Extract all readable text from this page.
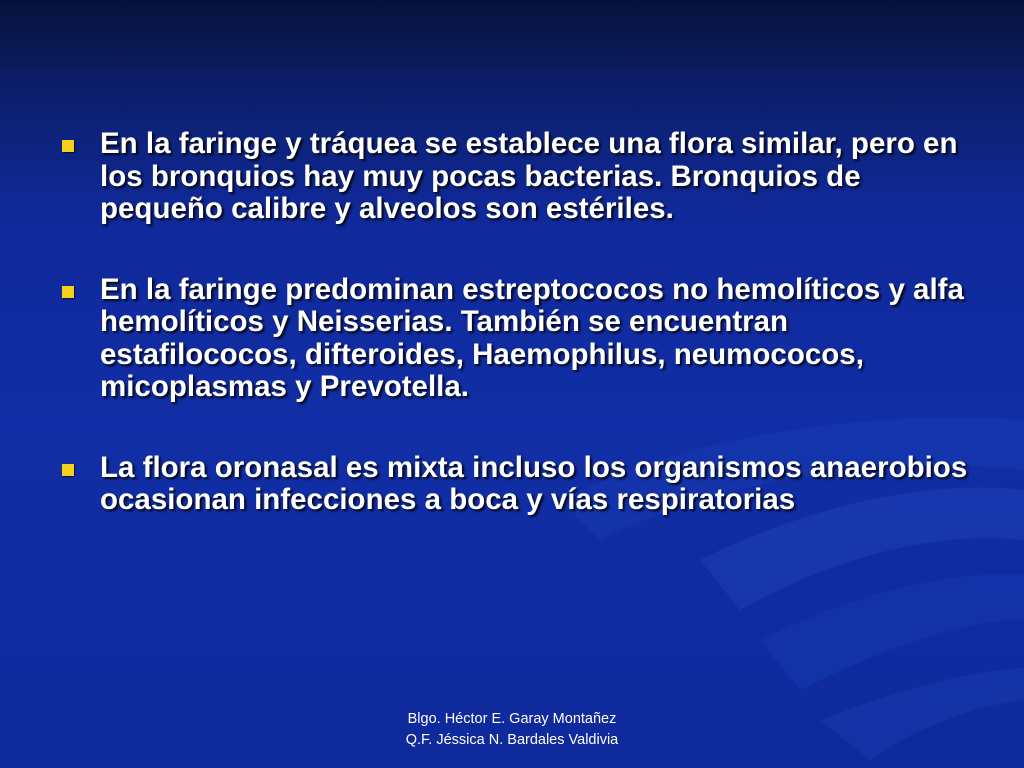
En la faringe y tráquea se establece una flora similar, pero en los bronquios hay muy pocas bacterias. Bronquios de pequeño calibre y alveolos son estériles.
En la faringe predominan estreptococos no hemolíticos y alfa hemolíticos y Neisserias. También se encuentran estafilococos, difteroides, Haemophilus, neumococos, micoplasmas y Prevotella.
La flora oronasal es mixta incluso los organismos anaerobios ocasionan infecciones a boca y vías respiratorias
Blgo. Héctor E. Garay Montañez
Q.F. Jéssica N. Bardales Valdivia
